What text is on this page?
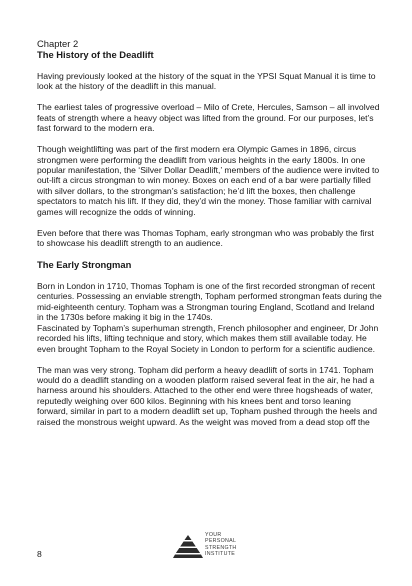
Chapter 2

The History of the Deadlift

Having previously looked at the history of the squat in the YPSI Squat Manual it is time to look at the history of the deadlift in this manual.

The earliest tales of progressive overload – Milo of Crete, Hercules, Samson – all involved feats of strength where a heavy object was lifted from the ground. For our purposes, let’s fast forward to the modern era.

Though weightlifting was part of the first modern era Olympic Games in 1896, circus strongmen were performing the deadlift from various heights in the early 1800s. In one popular manifestation, the ‘Silver Dollar Deadlift,’ members of the audience were invited to out-lift a circus strongman to win money. Boxes on each end of a bar were partially filled with silver dollars, to the strongman’s satisfaction; he’d lift the boxes, then challenge spectators to match his lift. If they did, they’d win the money. Those familiar with carnival games will recognize the odds of winning.

Even before that there was Thomas Topham, early strongman who was probably the first to showcase his deadlift strength to an audience.

The Early Strongman

Born in London in 1710, Thomas Topham is one of the first recorded strongman of recent centuries. Possessing an enviable strength, Topham performed strongman feats during the mid-eighteenth century. Topham was a Strongman touring England, Scotland and Ireland in the 1730s before making it big in the 1740s.

Fascinated by Topham’s superhuman strength, French philosopher and engineer, Dr John recorded his lifts, lifting technique and story, which makes them still available today. He even brought Topham to the Royal Society in London to perform for a scientific audience.

The man was very strong. Topham did perform a heavy deadlift of sorts in 1741. Topham would do a deadlift standing on a wooden platform raised several feat in the air, he had a harness around his shoulders. Attached to the other end were three hogsheads of water, reputedly weighing over 600 kilos. Beginning with his knees bent and torso leaning forward, similar in part to a modern deadlift set up, Topham pushed through the heels and raised the monstrous weight upward. As the weight was moved from a dead stop off the

8
YOUR
PERSONAL
STRENGTH
INSTITUTE
